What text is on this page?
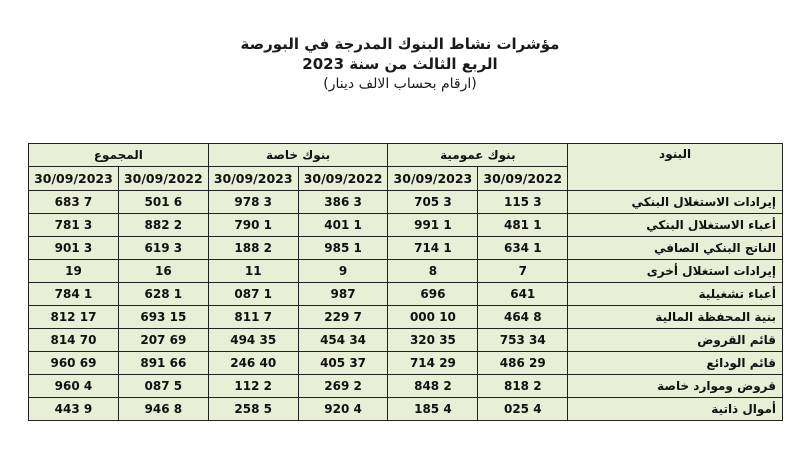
مؤشرات نشاط البنوك المدرجة في البورصة
الربع الثالث من سنة 2023
(ارقام بحساب الالف دينار)
البنود	بنوك عمومية		بنوك خاصة		المجموع	
	30/09/2022	30/09/2023	30/09/2022	30/09/2023	30/09/2022	30/09/2023
إيرادات الاستغلال البنكي	3 115	3 705	3 386	3 978	6 501	7 683
أعباء الاستغلال البنكي	1 481	1 991	1 401	1 790	2 882	3 781
الناتج البنكي الصافي	1 634	1 714	1 985	2 188	3 619	3 901
إيرادات استغلال أخرى	7	8	9	11	16	19
أعباء تشغيلية	641	696	987	1 087	1 628	1 784
بنية المحفظة المالية	8 464	10 000	7 229	7 811	15 693	17 812
قائم القروض	34 753	35 320	34 454	35 494	69 207	70 814
قائم الودائع	29 486	29 714	37 405	40 246	66 891	69 960
قروض وموارد خاصة	2 818	2 848	2 269	2 112	5 087	4 960
أموال ذاتية	4 025	4 185	4 920	5 258	8 946	9 443
